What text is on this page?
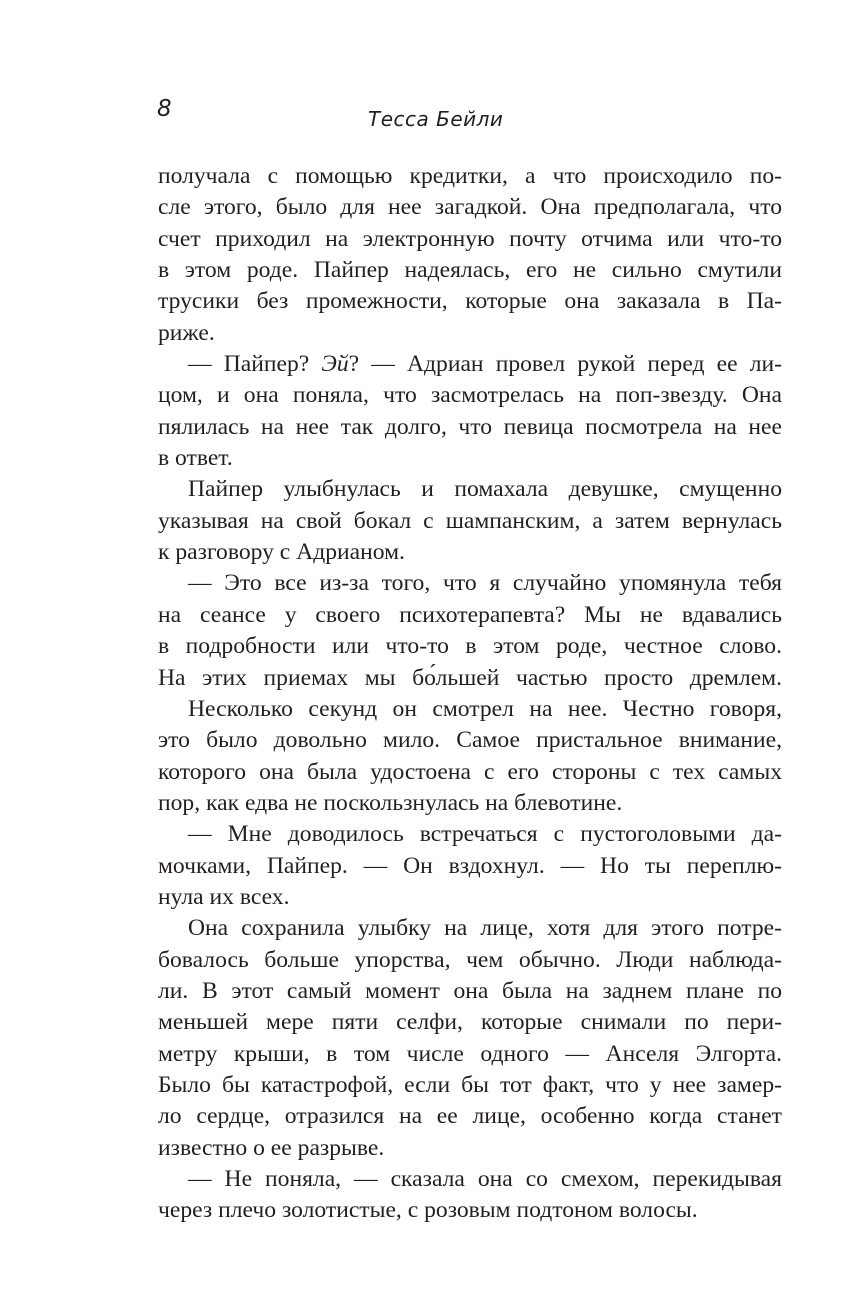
8	Тесса Бейли
получала с помощью кредитки, а что происходило по-
сле этого, было для нее загадкой. Она предполагала, что
счет приходил на электронную почту отчима или что-то
в этом роде. Пайпер надеялась, его не сильно смутили
трусики без промежности, которые она заказала в Па-
риже.
— Пайпер? Эй? — Адриан провел рукой перед ее ли-
цом, и она поняла, что засмотрелась на поп-звезду. Она
пялилась на нее так долго, что певица посмотрела на нее
в ответ.
Пайпер улыбнулась и помахала девушке, смущенно
указывая на свой бокал с шампанским, а затем вернулась
к разговору с Адрианом.
— Это все из-за того, что я случайно упомянула тебя
на сеансе у своего психотерапевта? Мы не вдавались
в подробности или что-то в этом роде, честное слово.
На этих приемах мы бо́льшей частью просто дремлем.
Несколько секунд он смотрел на нее. Честно говоря,
это было довольно мило. Самое пристальное внимание,
которого она была удостоена с его стороны с тех самых
пор, как едва не поскользнулась на блевотине.
— Мне доводилось встречаться с пустоголовыми да-
мочками, Пайпер. — Он вздохнул. — Но ты переплю-
нула их всех.
Она сохранила улыбку на лице, хотя для этого потре-
бовалось больше упорства, чем обычно. Люди наблюда-
ли. В этот самый момент она была на заднем плане по
меньшей мере пяти селфи, которые снимали по пери-
метру крыши, в том числе одного — Анселя Элгорта.
Было бы катастрофой, если бы тот факт, что у нее замер-
ло сердце, отразился на ее лице, особенно когда станет
известно о ее разрыве.
— Не поняла, — сказала она со смехом, перекидывая
через плечо золотистые, с розовым подтоном волосы.
